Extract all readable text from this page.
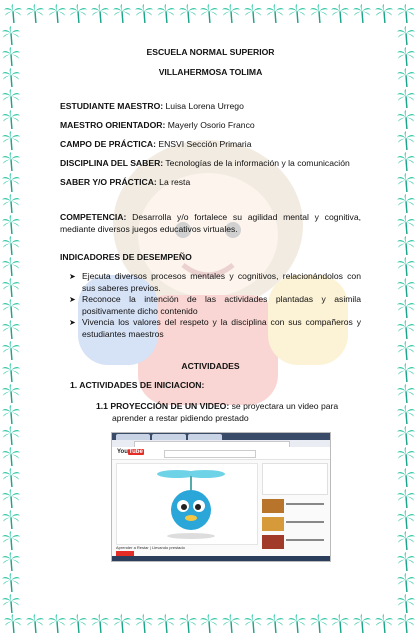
ESCUELA NORMAL SUPERIOR
VILLAHERMOSA TOLIMA
ESTUDIANTE MAESTRO: Luisa Lorena Urrego
MAESTRO ORIENTADOR: Mayerly Osorio Franco
CAMPO DE PRÁCTICA: ENSVI Sección Primaria
DISCIPLINA DEL SABER: Tecnologías de la información y la comunicación
SABER Y/O PRÁCTICA: La resta
COMPETENCIA: Desarrolla y/o fortalece su agilidad mental y cognitiva, mediante diversos juegos educativos virtuales.
INDICADORES DE DESEMPEÑO
➤ Ejecuta diversos procesos mentales y cognitivos, relacionándolos con sus saberes previos.
➤ Reconoce la intención de las actividades plantadas y asimila positivamente dicho contenido
➤ Vivencia los valores del respeto y la disciplina con sus compañeros y estudiantes maestros
ACTIVIDADES
1. ACTIVIDADES DE INICIACION:
1.1 PROYECCIÓN DE UN VIDEO: se proyectara un video para
aprender a restar pidiendo prestado
YouTube
Aprender a Restar | Llevando prestado
